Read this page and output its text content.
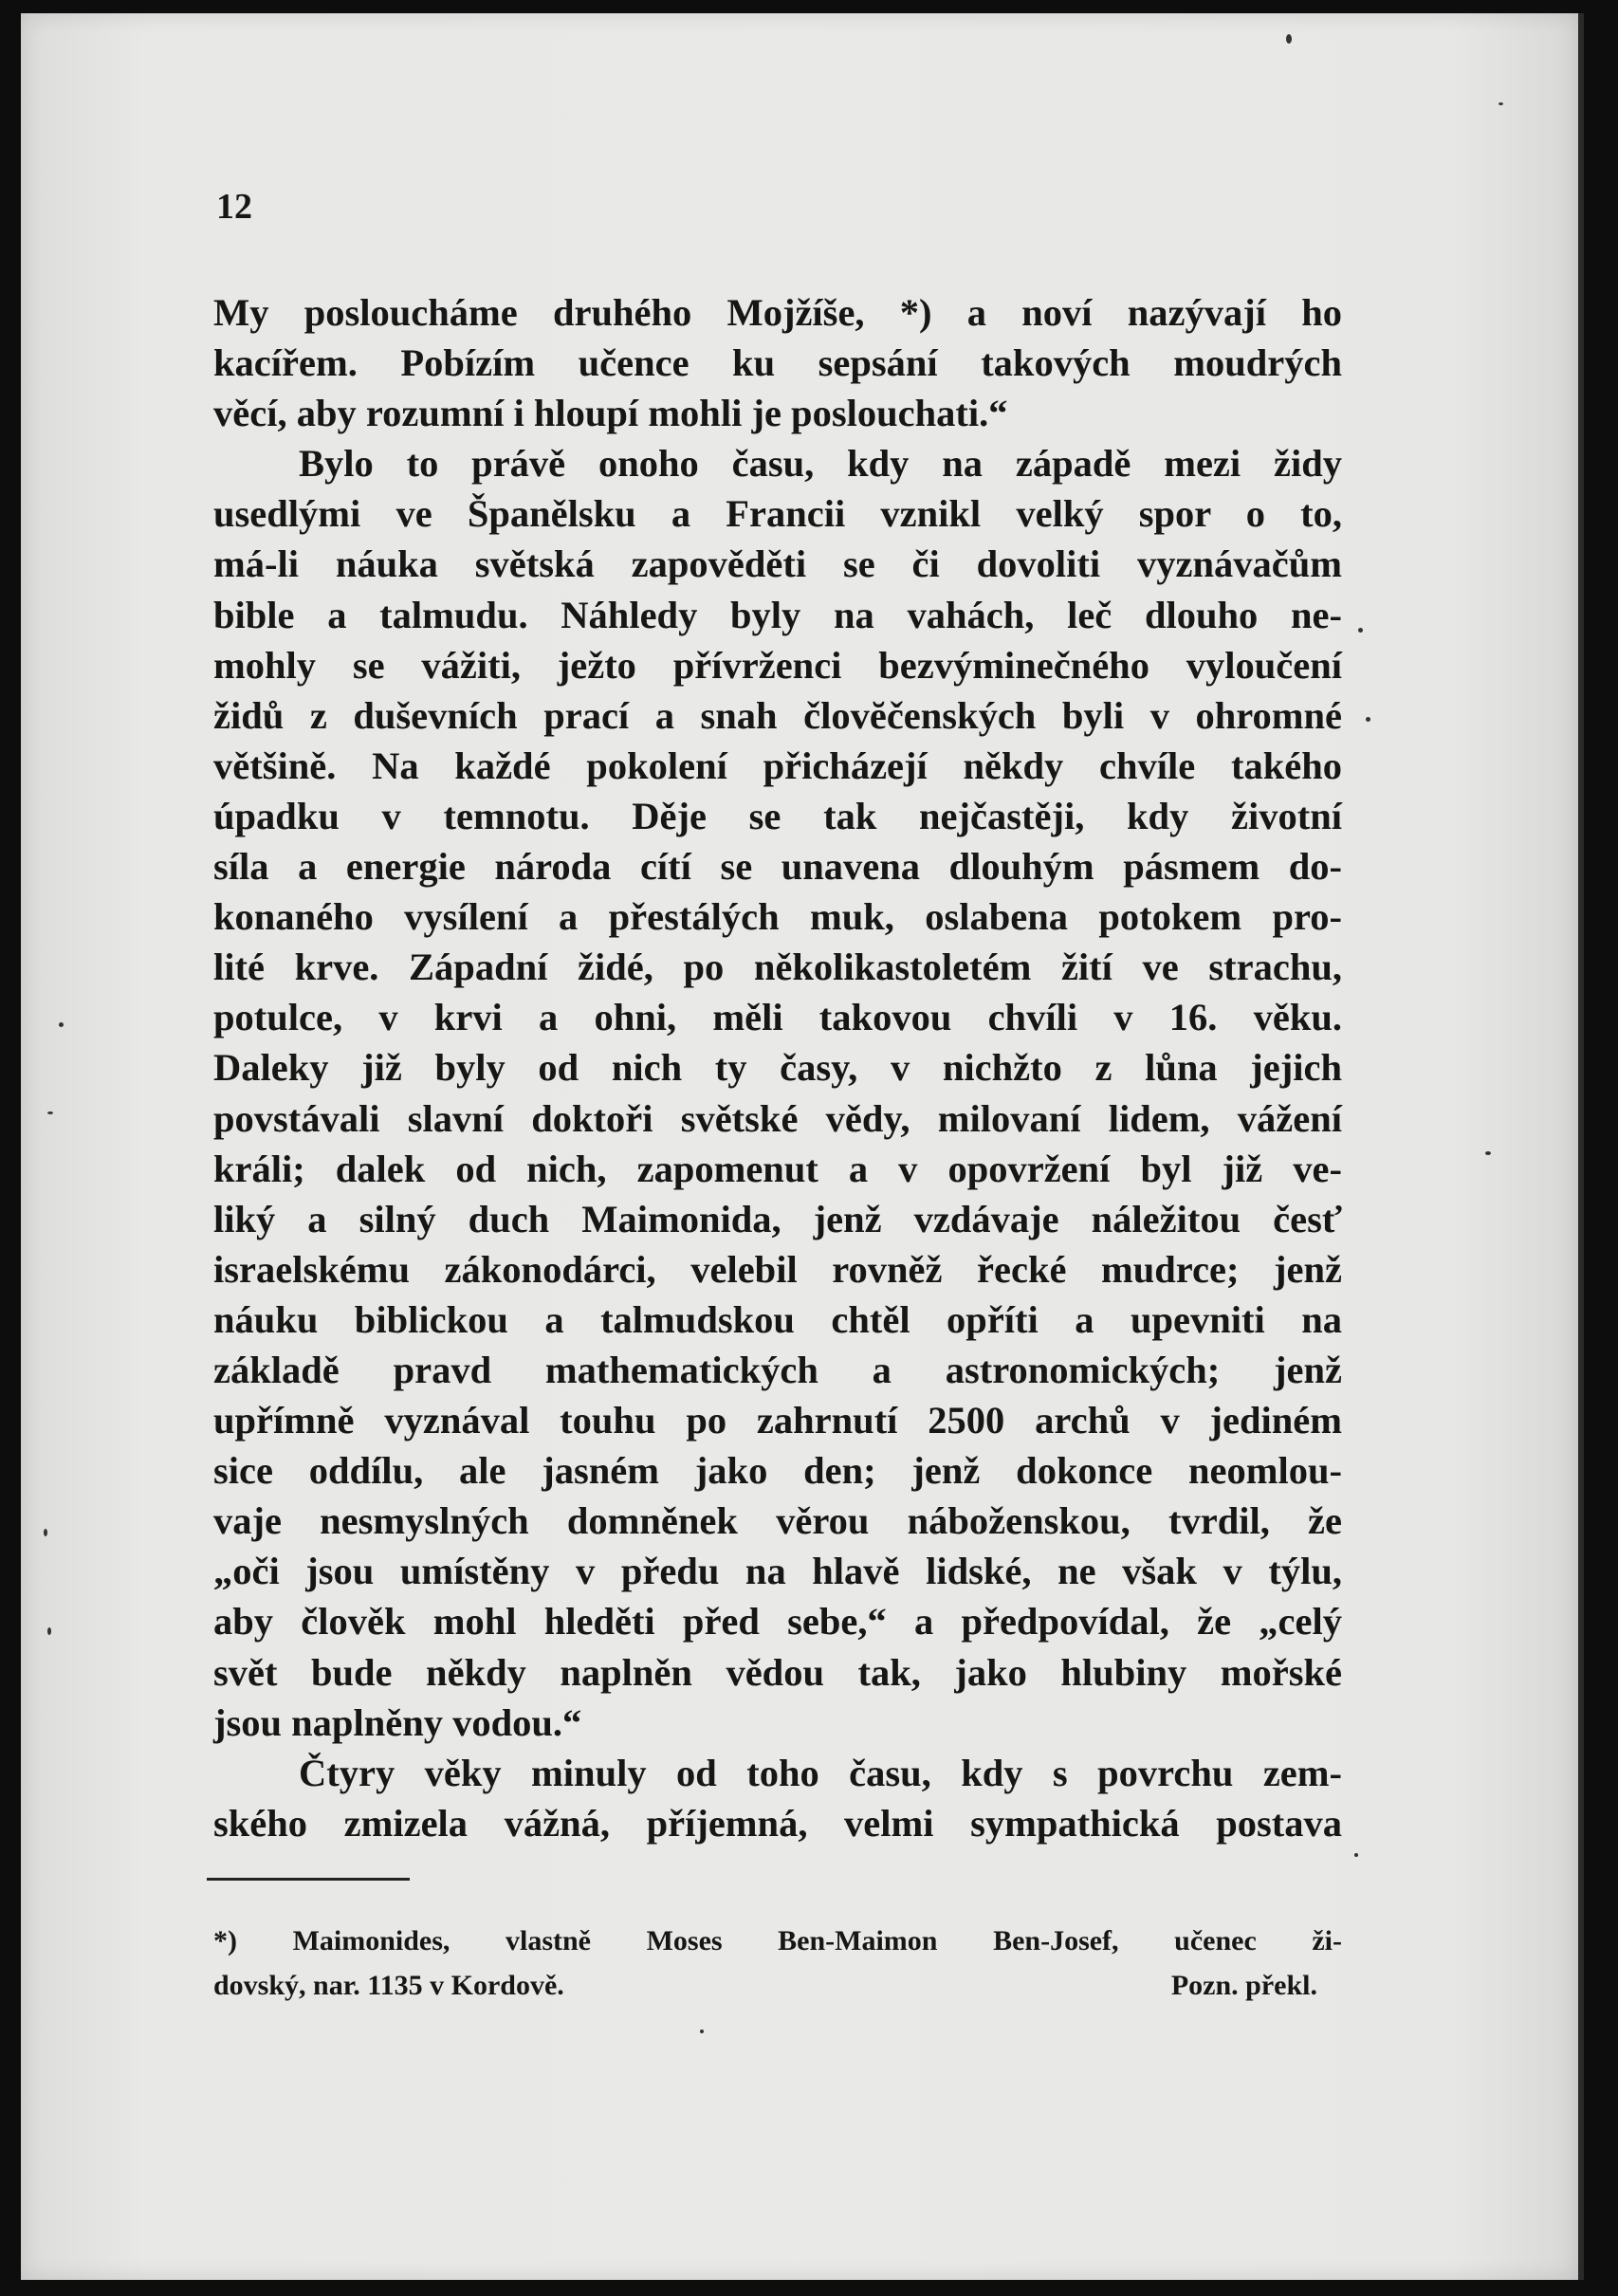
12
My posloucháme druhého Mojžíše, *) a noví nazývají ho
kacířem. Pobízím učence ku sepsání takových moudrých
věcí, aby rozumní i hloupí mohli je poslouchati.“
Bylo to právě onoho času, kdy na západě mezi židy
usedlými ve Španělsku a Francii vznikl velký spor o to,
má-li náuka světská zapověděti se či dovoliti vyznávačům
bible a talmudu. Náhledy byly na vahách, leč dlouho ne-
mohly se vážiti, ježto přívrženci bezvýminečného vyloučení
židů z duševních prací a snah človĕčenských byli v ohromné
většině. Na každé pokolení přicházejí někdy chvíle takého
úpadku v temnotu. Děje se tak nejčastěji, kdy životní
síla a energie národa cítí se unavena dlouhým pásmem do-
konaného vysílení a přestálých muk, oslabena potokem pro-
lité krve. Západní židé, po několikastoletém žití ve strachu,
potulce, v krvi a ohni, měli takovou chvíli v 16. věku.
Daleky již byly od nich ty časy, v nichžto z lůna jejich
povstávali slavní doktoři světské vědy, milovaní lidem, vážení
králi; dalek od nich, zapomenut a v opovržení byl již ve-
liký a silný duch Maimonida, jenž vzdávaje náležitou česť
israelskému zákonodárci, velebil rovněž řecké mudrce; jenž
náuku biblickou a talmudskou chtěl opříti a upevniti na
základě pravd mathematických a astronomických; jenž
upřímně vyznával touhu po zahrnutí 2500 archů v jediném
sice oddílu, ale jasném jako den; jenž dokonce neomlou-
vaje nesmyslných domněnek věrou náboženskou, tvrdil, že
„oči jsou umístěny v předu na hlavě lidské, ne však v týlu,
aby člověk mohl hleděti před sebe,“ a předpovídal, že „celý
svět bude někdy naplněn vědou tak, jako hlubiny mořské
jsou naplněny vodou.“
Čtyry věky minuly od toho času, kdy s povrchu zem-
ského zmizela vážná, příjemná, velmi sympathická postava
*) Maimonides, vlastně Moses Ben-Maimon Ben-Josef, učenec ži-
dovský, nar. 1135 v Kordově.	Pozn. překl.
